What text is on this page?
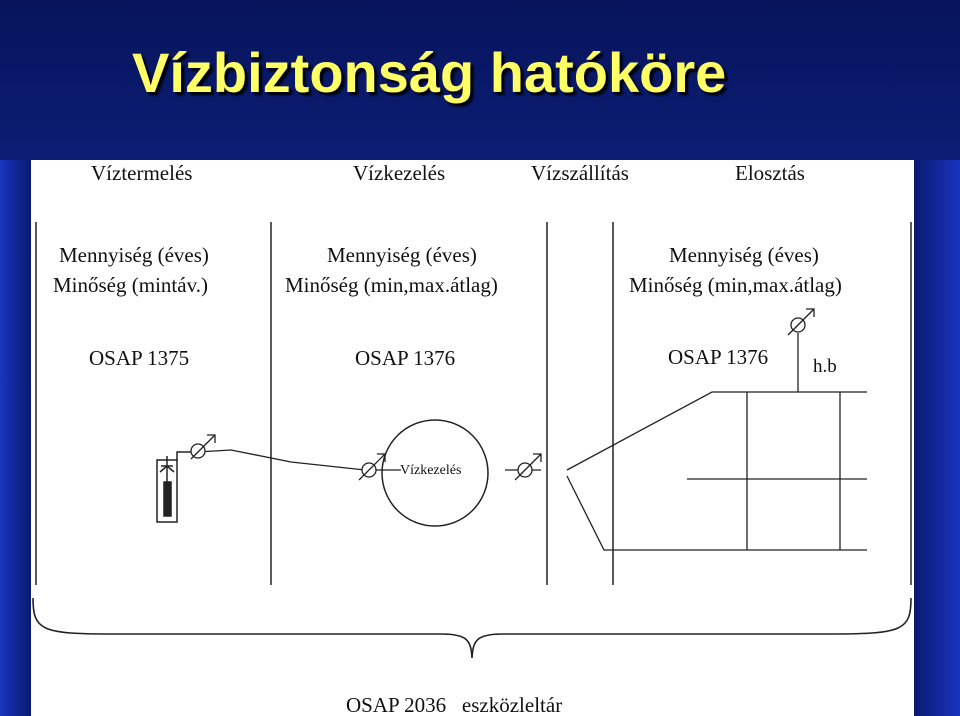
Vízbiztonság hatóköre
Víztermelés	Vízkezelés	Vízszállítás	Elosztás
Mennyiség (éves)
Minőség (mintáv.)
OSAP 1375
Mennyiség (éves)
Minőség (min,max.átlag)
OSAP 1376
Mennyiség (éves)
Minőség (min,max.átlag)
OSAP 1376 h.b
Vízkezelés
OSAP 2036   eszközleltár
